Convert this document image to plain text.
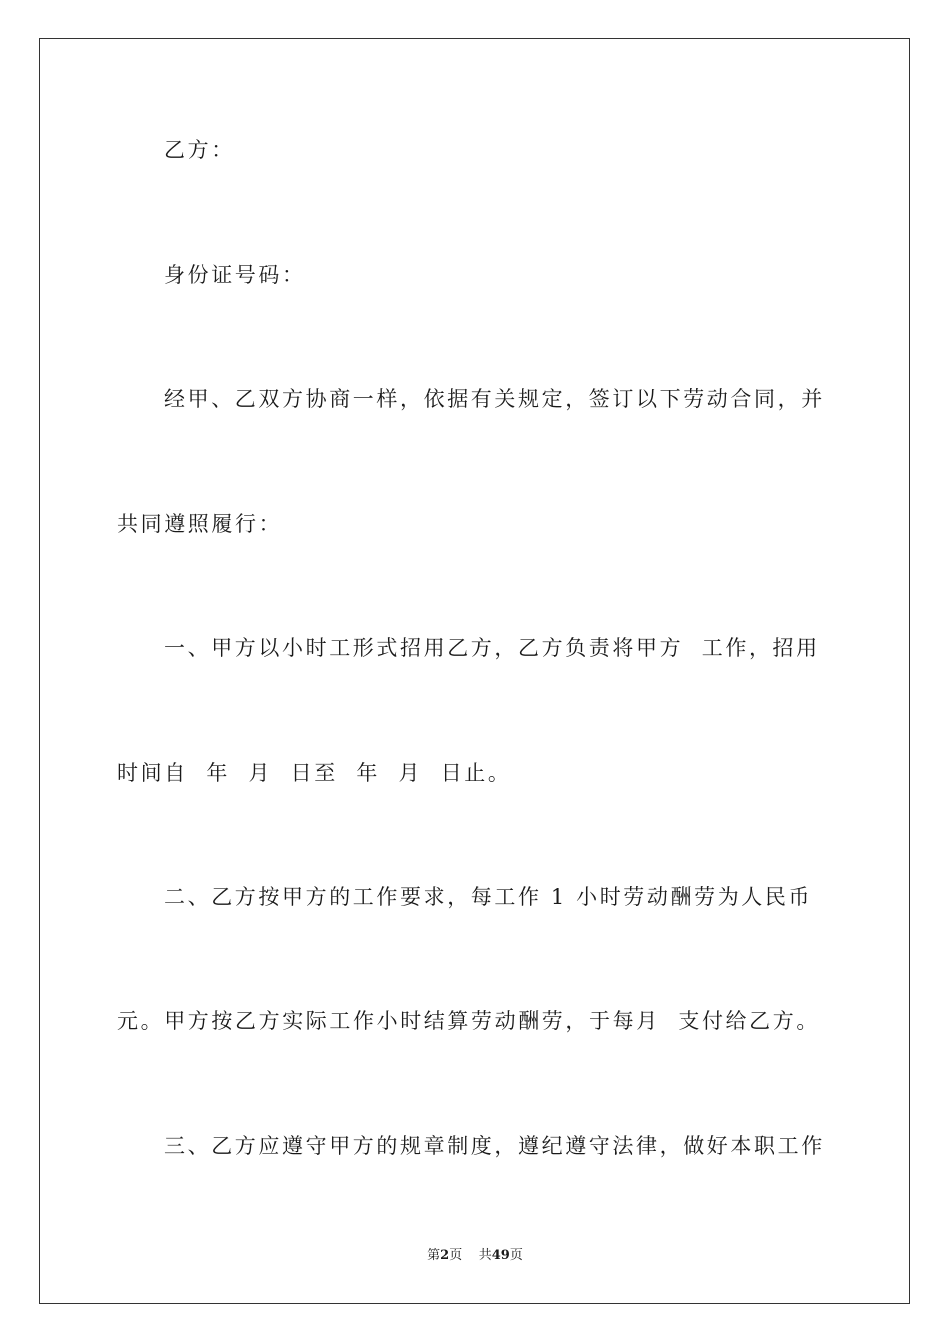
乙方：
身份证号码：
经甲、乙双方协商一样，依据有关规定，签订以下劳动合同，并
共同遵照履行：
一、甲方以小时工形式招用乙方，乙方负责将甲方  工作，招用
时间自  年  月  日至  年  月  日止。
二、乙方按甲方的工作要求，每工作 1 小时劳动酬劳为人民币
元。甲方按乙方实际工作小时结算劳动酬劳，于每月  支付给乙方。
三、乙方应遵守甲方的规章制度，遵纪遵守法律，做好本职工作
第2页 共49页
